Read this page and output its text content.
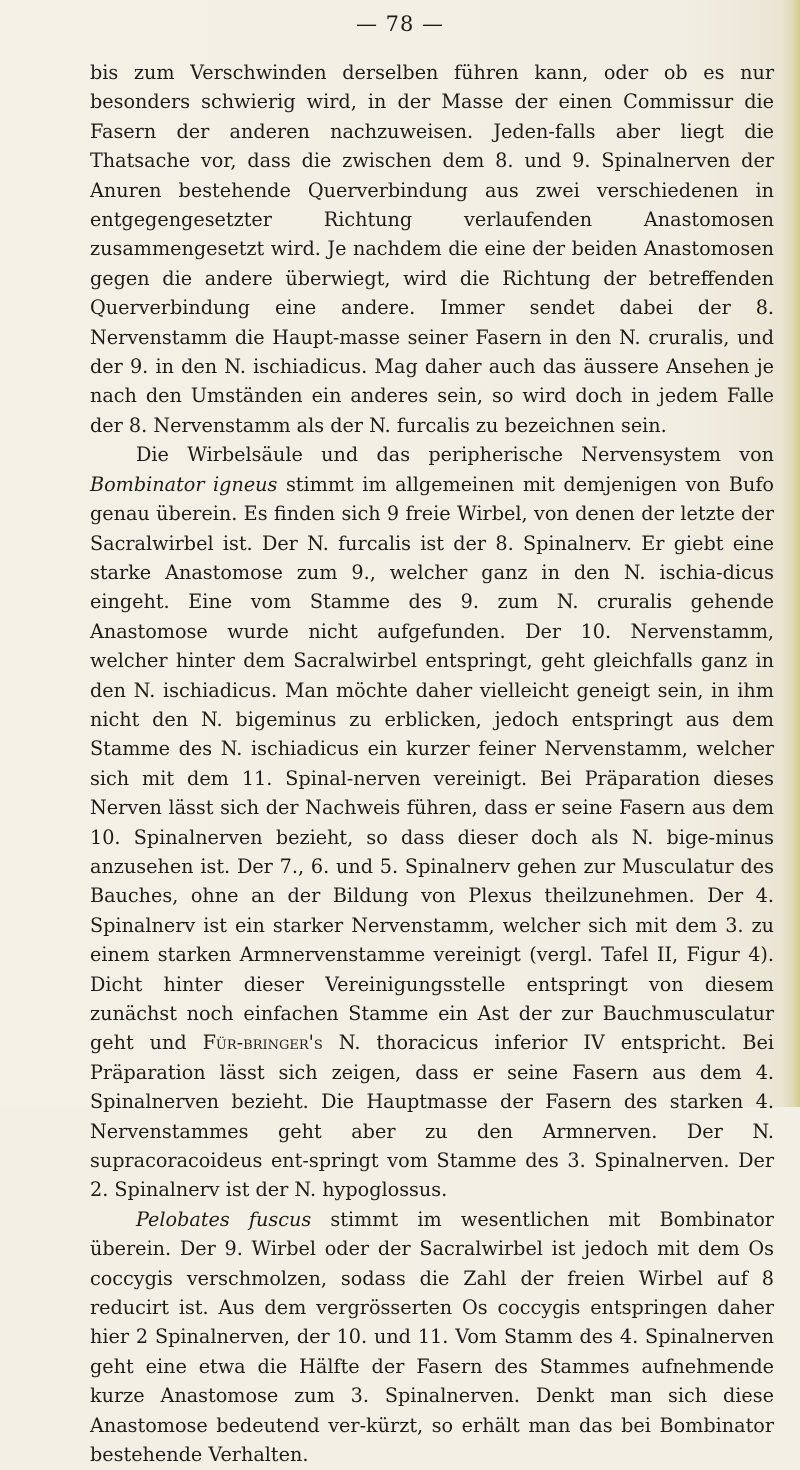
— 78 —

bis zum Verschwinden derselben führen kann, oder ob es nur besonders schwierig wird, in der Masse der einen Commissur die Fasern der anderen nachzuweisen. Jeden-falls aber liegt die Thatsache vor, dass die zwischen dem 8. und 9. Spinalnerven der Anuren bestehende Querverbindung aus zwei verschiedenen in entgegengesetzter Richtung verlaufenden Anastomosen zusammengesetzt wird. Je nachdem die eine der beiden Anastomosen gegen die andere überwiegt, wird die Richtung der betreffenden Querverbindung eine andere. Immer sendet dabei der 8. Nervenstamm die Haupt-masse seiner Fasern in den N. cruralis, und der 9. in den N. ischiadicus. Mag daher auch das äussere Ansehen je nach den Umständen ein anderes sein, so wird doch in jedem Falle der 8. Nervenstamm als der N. furcalis zu bezeichnen sein.

Die Wirbelsäule und das peripherische Nervensystem von Bombinator igneus stimmt im allgemeinen mit demjenigen von Bufo genau überein. Es finden sich 9 freie Wirbel, von denen der letzte der Sacralwirbel ist. Der N. furcalis ist der 8. Spinalnerv. Er giebt eine starke Anastomose zum 9., welcher ganz in den N. ischia-dicus eingeht. Eine vom Stamme des 9. zum N. cruralis gehende Anastomose wurde nicht aufgefunden. Der 10. Nervenstamm, welcher hinter dem Sacralwirbel entspringt, geht gleichfalls ganz in den N. ischiadicus. Man möchte daher vielleicht geneigt sein, in ihm nicht den N. bigeminus zu erblicken, jedoch entspringt aus dem Stamme des N. ischiadicus ein kurzer feiner Nervenstamm, welcher sich mit dem 11. Spinal-nerven vereinigt. Bei Präparation dieses Nerven lässt sich der Nachweis führen, dass er seine Fasern aus dem 10. Spinalnerven bezieht, so dass dieser doch als N. bige-minus anzusehen ist. Der 7., 6. und 5. Spinalnerv gehen zur Musculatur des Bauches, ohne an der Bildung von Plexus theilzunehmen. Der 4. Spinalnerv ist ein starker Nervenstamm, welcher sich mit dem 3. zu einem starken Armnervenstamme vereinigt (vergl. Tafel II, Figur 4). Dicht hinter dieser Vereinigungsstelle entspringt von diesem zunächst noch einfachen Stamme ein Ast der zur Bauchmusculatur geht und Für-bringer's N. thoracicus inferior IV entspricht. Bei Präparation lässt sich zeigen, dass er seine Fasern aus dem 4. Spinalnerven bezieht. Die Hauptmasse der Fasern des starken 4. Nervenstammes geht aber zu den Armnerven. Der N. supracoracoideus ent-springt vom Stamme des 3. Spinalnerven. Der 2. Spinalnerv ist der N. hypoglossus.

Pelobates fuscus stimmt im wesentlichen mit Bombinator überein. Der 9. Wirbel oder der Sacralwirbel ist jedoch mit dem Os coccygis verschmolzen, sodass die Zahl der freien Wirbel auf 8 reducirt ist. Aus dem vergrösserten Os coccygis entspringen daher hier 2 Spinalnerven, der 10. und 11. Vom Stamm des 4. Spinalnerven geht eine etwa die Hälfte der Fasern des Stammes aufnehmende kurze Anastomose zum 3. Spinalnerven. Denkt man sich diese Anastomose bedeutend ver-kürzt, so erhält man das bei Bombinator bestehende Verhalten.
